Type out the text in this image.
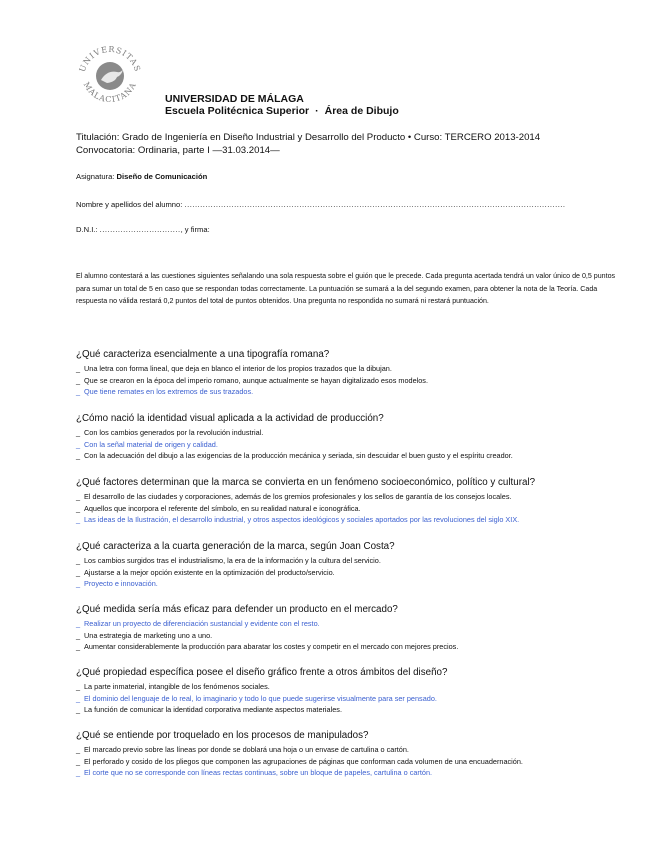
UNIVERSITAS
MALACITANA
UNIVERSIDAD DE MÁLAGA
Escuela Politécnica Superior · Área de Dibujo
Titulación: Grado de Ingeniería en Diseño Industrial y Desarrollo del Producto • Curso: TERCERO 2013-2014
Convocatoria: Ordinaria, parte I —31.03.2014—
Asignatura: Diseño de Comunicación
Nombre y apellidos del alumno: ..................................................................................................................................................
D.N.I.: ..............................., y firma:
El alumno contestará a las cuestiones siguientes señalando una sola respuesta sobre el guión que le precede. Cada pregunta acertada tendrá un valor único de 0,5 puntos para sumar un total de 5 en caso que se respondan todas correctamente. La puntuación se sumará a la del segundo examen, para obtener la nota de la Teoría. Cada respuesta no válida restará 0,2 puntos del total de puntos obtenidos. Una pregunta no respondida no sumará ni restará puntuación.
¿Qué caracteriza esencialmente a una tipografía romana?
_ Una letra con forma lineal, que deja en blanco el interior de los propios trazados que la dibujan.
_ Que se crearon en la época del imperio romano, aunque actualmente se hayan digitalizado esos modelos.
_ Que tiene remates en los extremos de sus trazados.
¿Cómo nació la identidad visual aplicada a la actividad de producción?
_ Con los cambios generados por la revolución industrial.
_ Con la señal material de origen y calidad.
_ Con la adecuación del dibujo a las exigencias de la producción mecánica y seriada, sin descuidar el buen gusto y el espíritu creador.
¿Qué factores determinan que la marca se convierta en un fenómeno socioeconómico, político y cultural?
_ El desarrollo de las ciudades y corporaciones, además de los gremios profesionales y los sellos de garantía de los consejos locales.
_ Aquellos que incorpora el referente del símbolo, en su realidad natural e iconográfica.
_ Las ideas de la Ilustración, el desarrollo industrial, y otros aspectos ideológicos y sociales aportados por las revoluciones del siglo XIX.
¿Qué caracteriza a la cuarta generación de la marca, según Joan Costa?
_ Los cambios surgidos tras el industrialismo, la era de la información y la cultura del servicio.
_ Ajustarse a la mejor opción existente en la optimización del producto/servicio.
_ Proyecto e innovación.
¿Qué medida sería más eficaz para defender un producto en el mercado?
_ Realizar un proyecto de diferenciación sustancial y evidente con el resto.
_ Una estrategia de marketing uno a uno.
_ Aumentar considerablemente la producción para abaratar los costes y competir en el mercado con mejores precios.
¿Qué propiedad específica posee el diseño gráfico frente a otros ámbitos del diseño?
_ La parte inmaterial, intangible de los fenómenos sociales.
_ El dominio del lenguaje de lo real, lo imaginario y todo lo que puede sugerirse visualmente para ser pensado.
_ La función de comunicar la identidad corporativa mediante aspectos materiales.
¿Qué se entiende por troquelado en los procesos de manipulados?
_ El marcado previo sobre las líneas por donde se doblará una hoja o un envase de cartulina o cartón.
_ El perforado y cosido de los pliegos que componen las agrupaciones de páginas que conforman cada volumen de una encuadernación.
_ El corte que no se corresponde con líneas rectas continuas, sobre un bloque de papeles, cartulina o cartón.
